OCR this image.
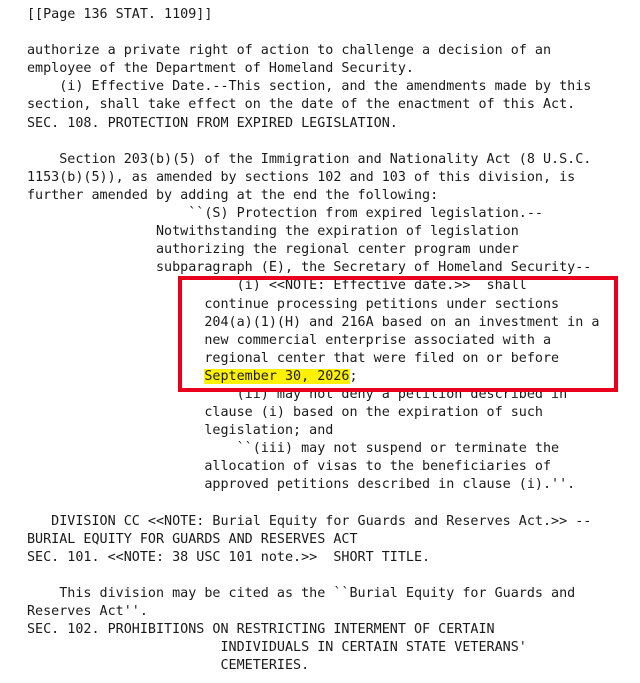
[[Page 136 STAT. 1109]]
authorize a private right of action to challenge a decision of an
employee of the Department of Homeland Security.
(i) Effective Date.--This section, and the amendments made by this
section, shall take effect on the date of the enactment of this Act.
SEC. 108. PROTECTION FROM EXPIRED LEGISLATION.
Section 203(b)(5) of the Immigration and Nationality Act (8 U.S.C.
1153(b)(5)), as amended by sections 102 and 103 of this division, is
further amended by adding at the end the following:
``(S) Protection from expired legislation.--
Notwithstanding the expiration of legislation
authorizing the regional center program under
subparagraph (E), the Secretary of Homeland Security--
(i) <<NOTE: Effective date.>>  shall
continue processing petitions under sections
204(a)(1)(H) and 216A based on an investment in a
new commercial enterprise associated with a
regional center that were filed on or before
September 30, 2026;
(ii) may not deny a petition described in
clause (i) based on the expiration of such
legislation; and
``(iii) may not suspend or terminate the
allocation of visas to the beneficiaries of
approved petitions described in clause (i).''.
DIVISION CC <<NOTE: Burial Equity for Guards and Reserves Act.>> --
BURIAL EQUITY FOR GUARDS AND RESERVES ACT
SEC. 101. <<NOTE: 38 USC 101 note.>>  SHORT TITLE.
This division may be cited as the ``Burial Equity for Guards and
Reserves Act''.
SEC. 102. PROHIBITIONS ON RESTRICTING INTERMENT OF CERTAIN
INDIVIDUALS IN CERTAIN STATE VETERANS'
CEMETERIES.
